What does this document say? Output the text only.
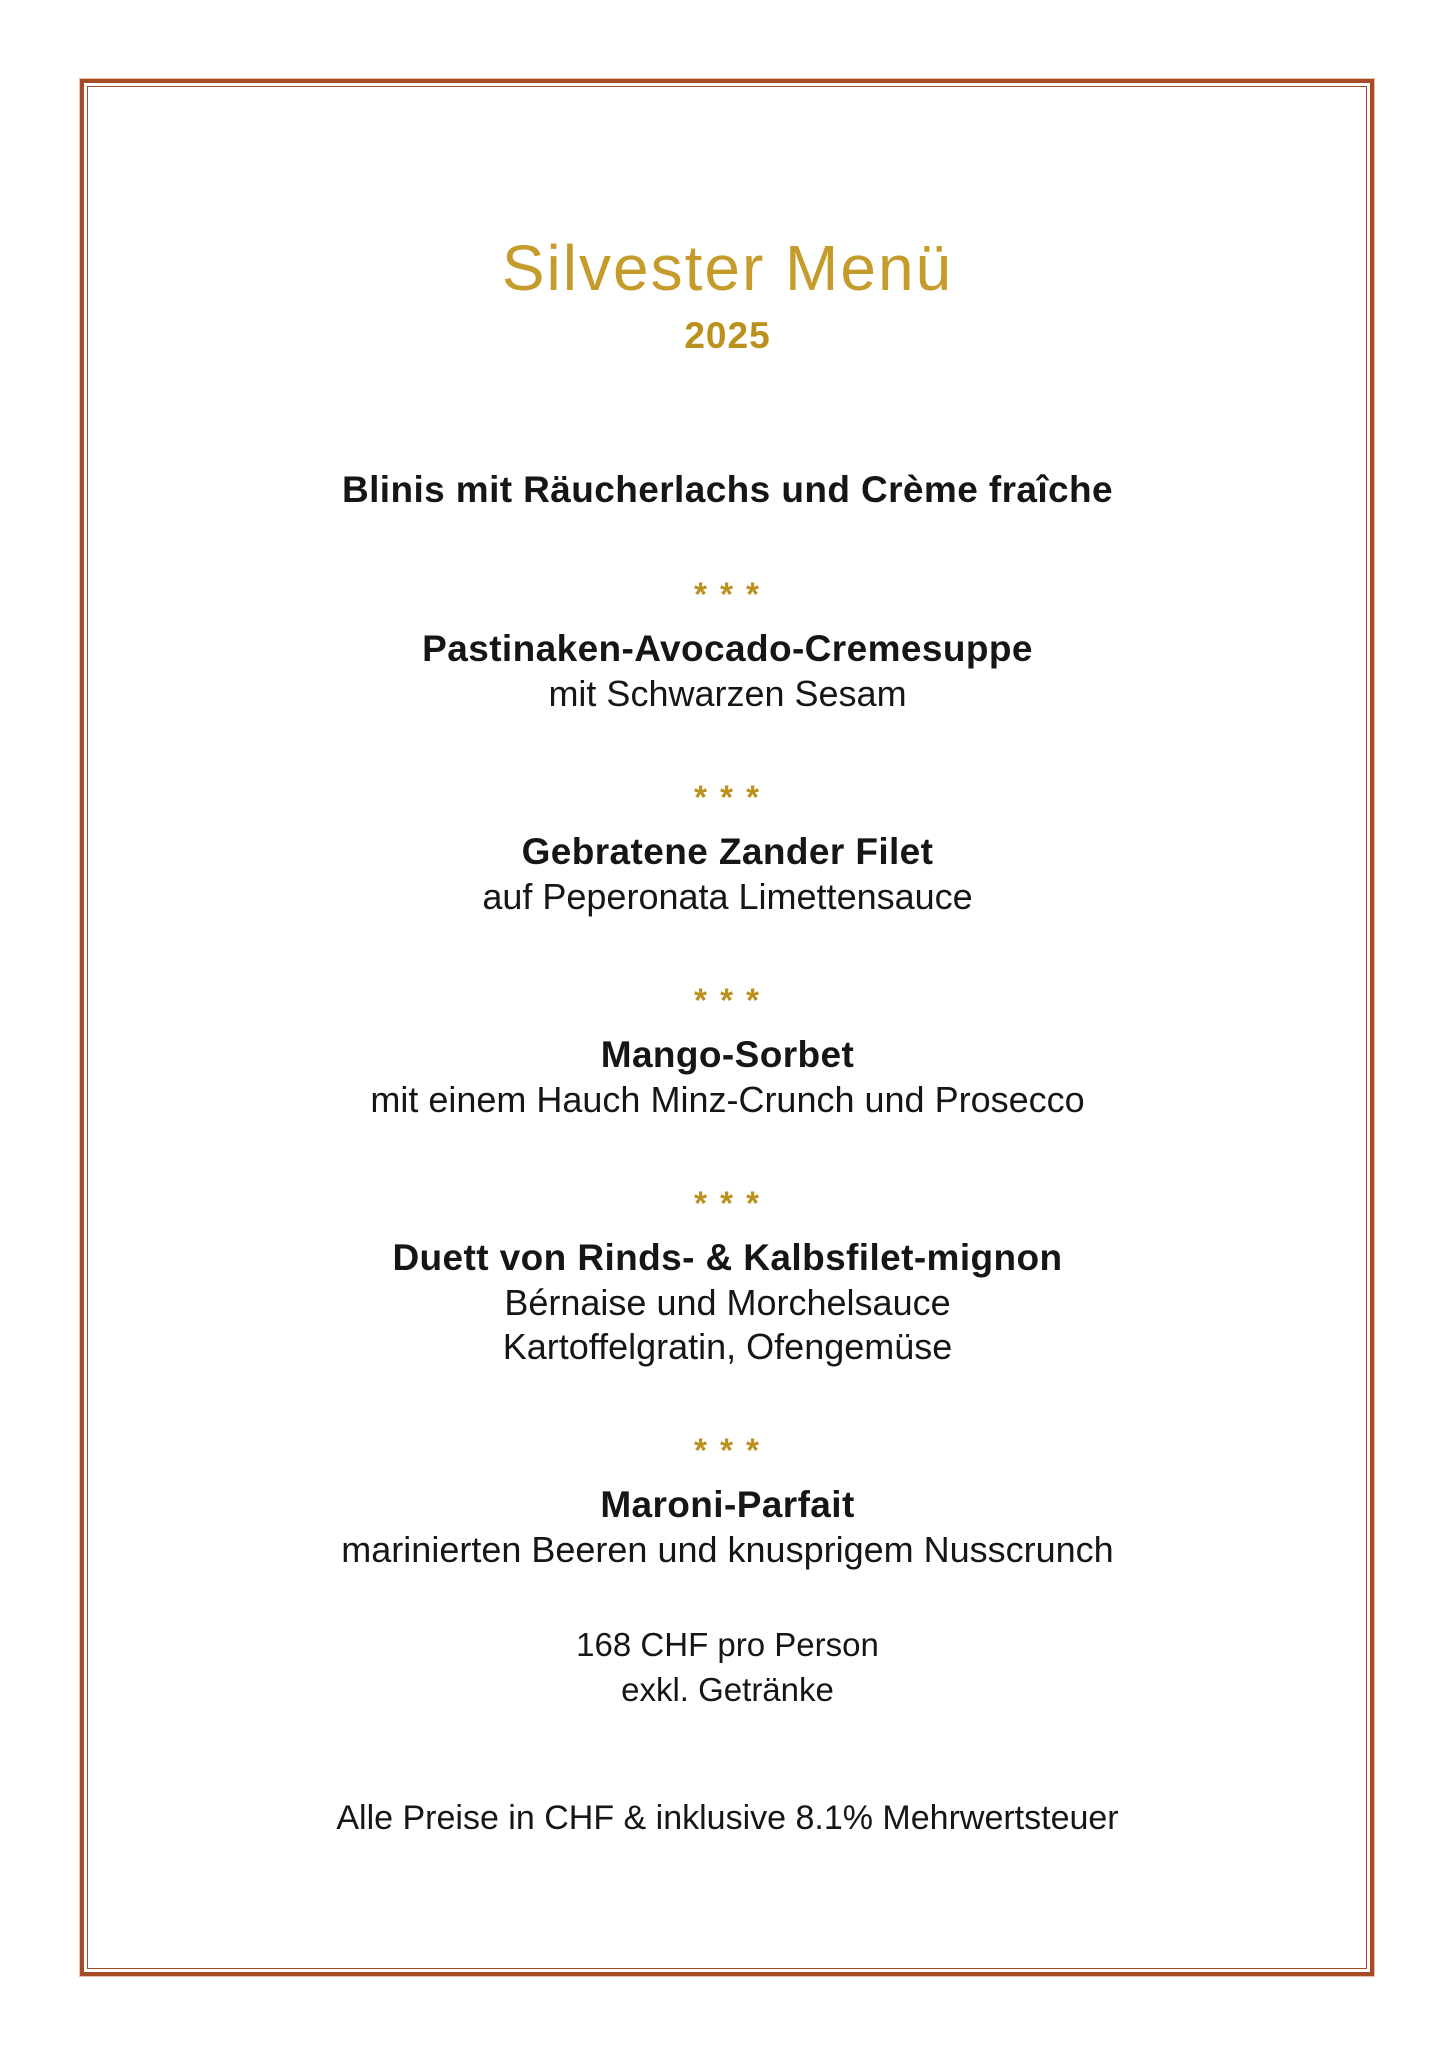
Silvester Menü
2025

Blinis mit Räucherlachs und Crème fraîche

* * *

Pastinaken-Avocado-Cremesuppe

mit Schwarzen Sesam

* * *

Gebratene Zander Filet

auf Peperonata Limettensauce

* * *

Mango-Sorbet

mit einem Hauch Minz-Crunch und Prosecco

* * *

Duett von Rinds- & Kalbsfilet-mignon

Bérnaise und Morchelsauce

Kartoffelgratin, Ofengemüse

* * *

Maroni-Parfait

marinierten Beeren und knusprigem Nusscrunch

168 CHF pro Person

exkl. Getränke

Alle Preise in CHF & inklusive 8.1% Mehrwertsteuer
